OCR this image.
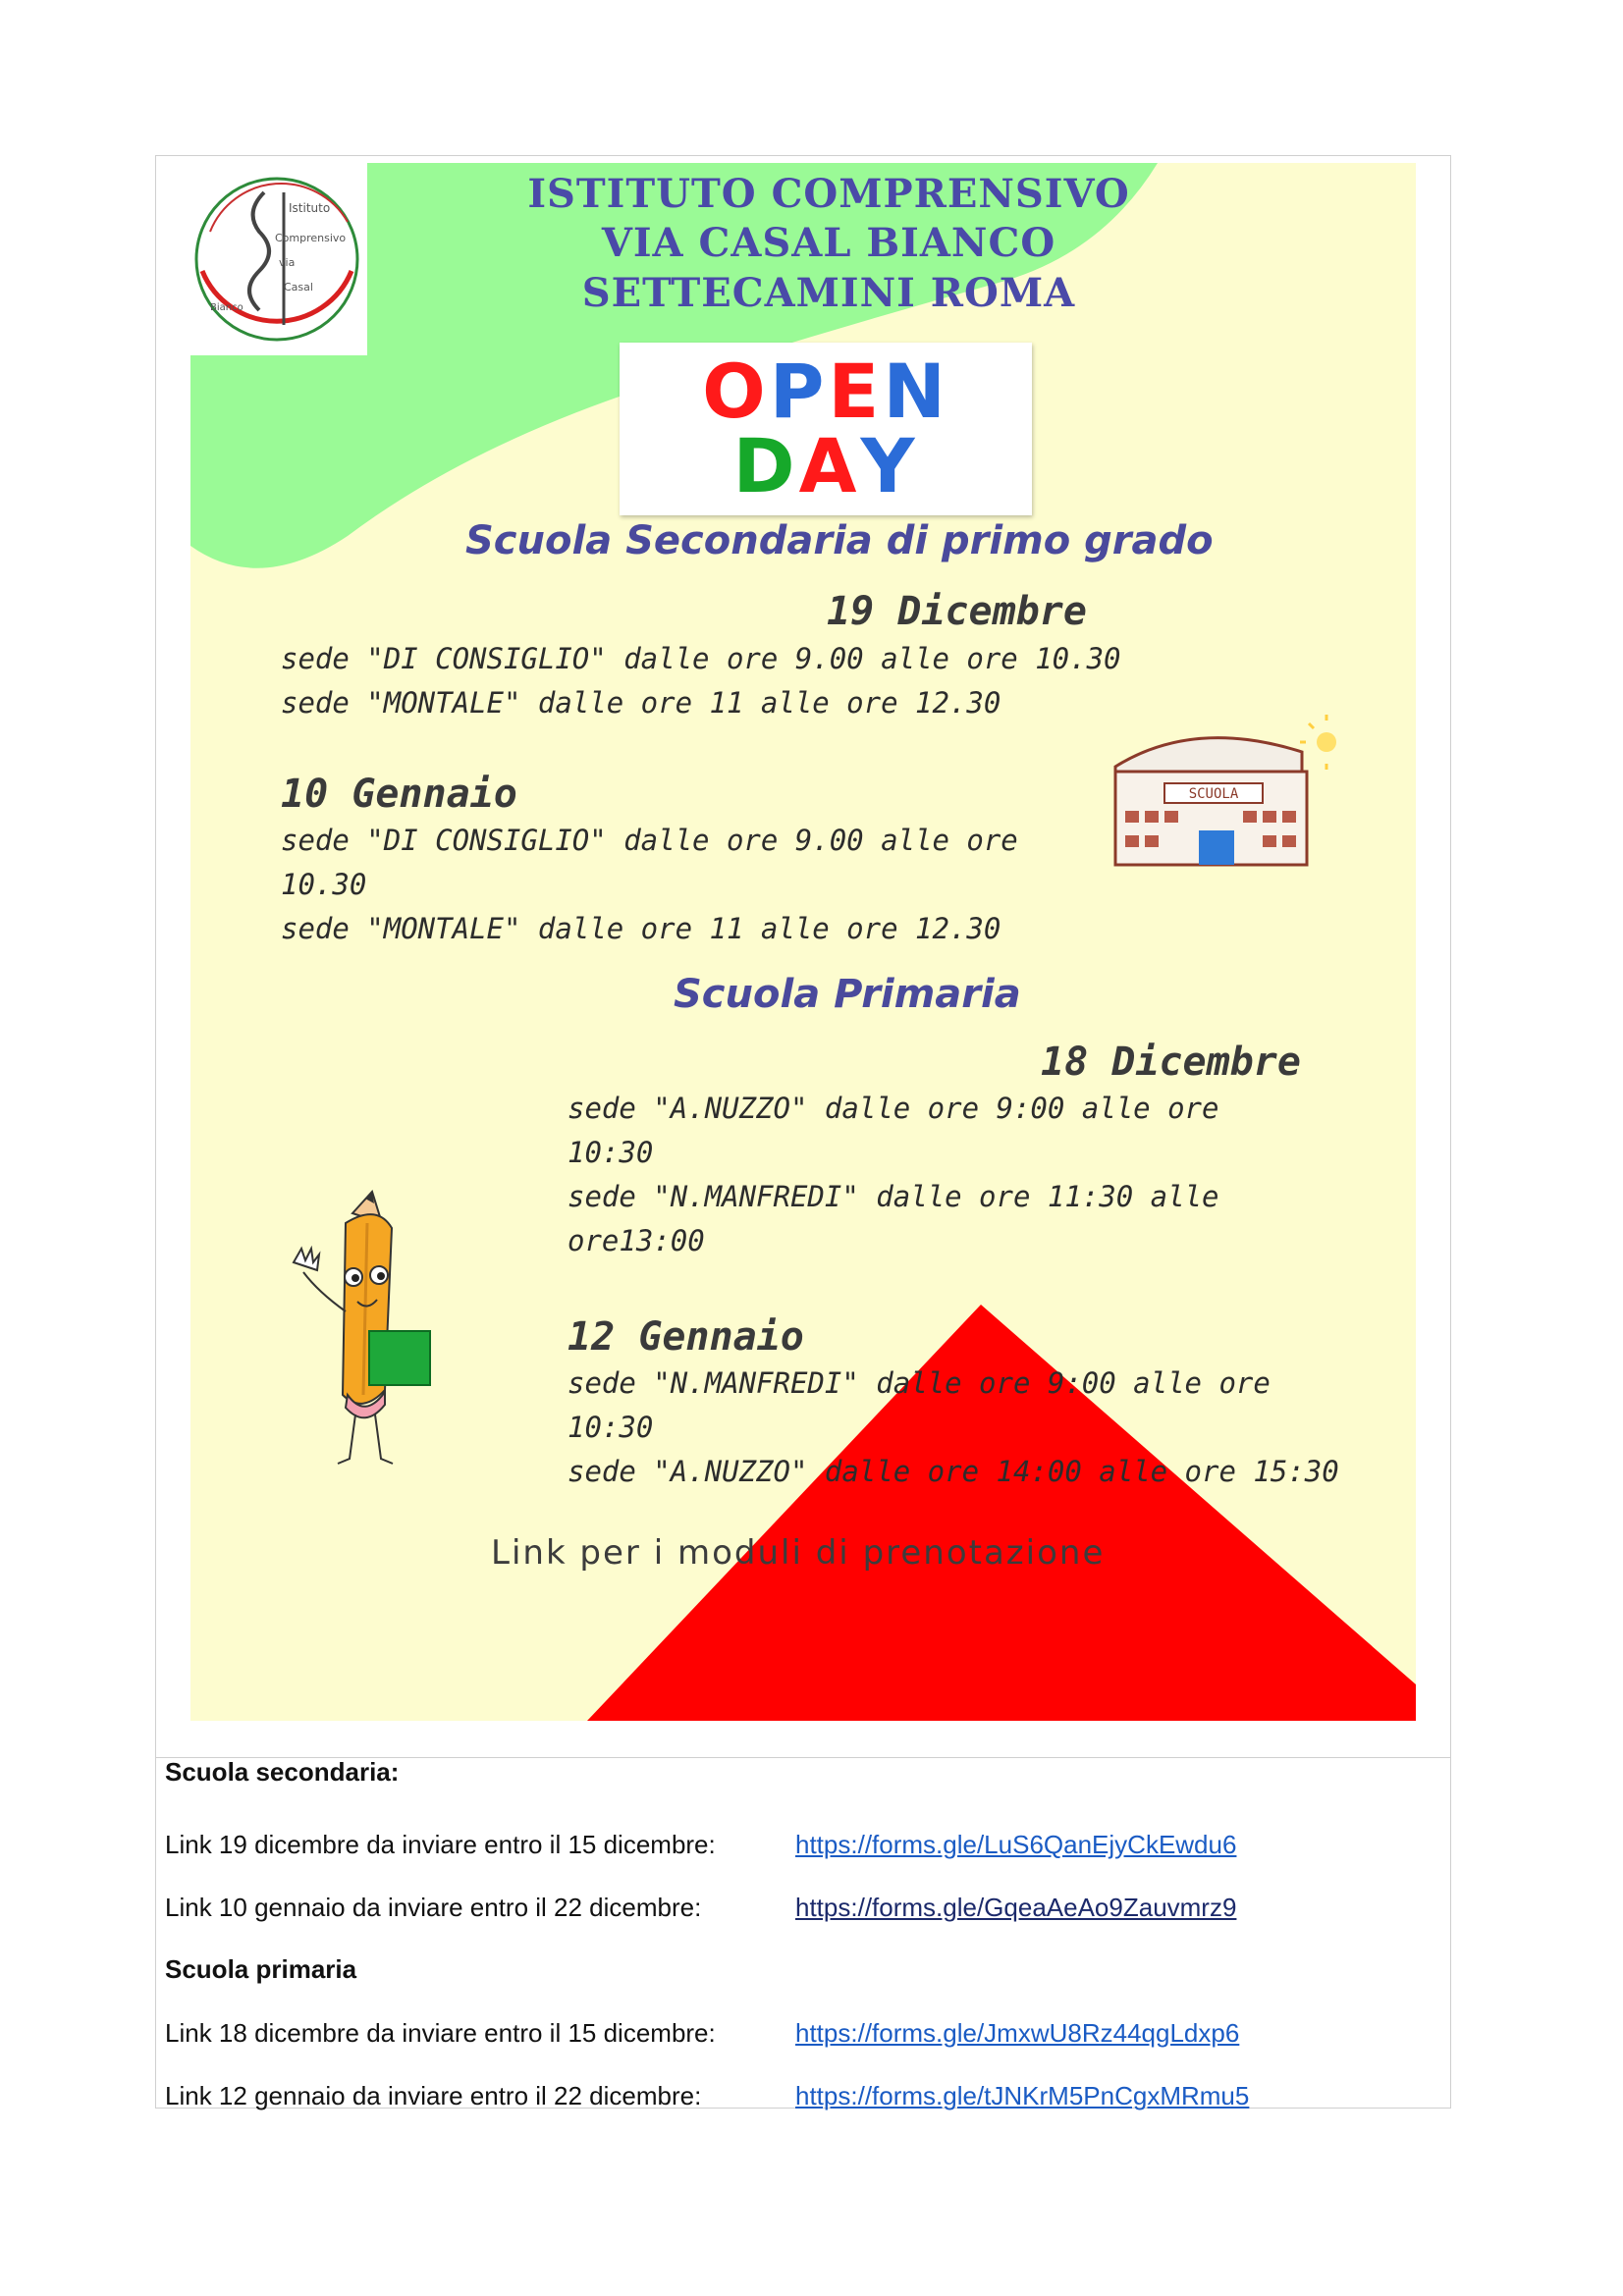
Istituto
Comprensivo
via
Casal
Bianco
ISTITUTO COMPRENSIVO
VIA CASAL BIANCO
SETTECAMINI ROMA
OPEN
DAY
Scuola Secondaria di primo grado
19 Dicembre
sede "DI CONSIGLIO" dalle ore 9.00 alle ore 10.30
sede "MONTALE" dalle ore 11 alle ore 12.30
10 Gennaio
sede "DI CONSIGLIO" dalle ore 9.00 alle ore
10.30
sede "MONTALE" dalle ore 11 alle ore 12.30
SCUOLA
Scuola Primaria
18 Dicembre
sede "A.NUZZO" dalle ore 9:00 alle ore
10:30
sede "N.MANFREDI" dalle ore 11:30 alle
ore13:00
12 Gennaio
sede "N.MANFREDI" dalle ore 9:00 alle ore
10:30
sede "A.NUZZO" dalle ore 14:00 alle ore 15:30
Link per i moduli di prenotazione
Scuola secondaria:
Link 19 dicembre da inviare entro il 15 dicembre:	https://forms.gle/LuS6QanEjyCkEwdu6
Link 10 gennaio da inviare entro il 22 dicembre:	https://forms.gle/GqeaAeAo9Zauvmrz9
Scuola primaria
Link 18 dicembre da inviare entro il 15 dicembre:	https://forms.gle/JmxwU8Rz44qgLdxp6
Link 12 gennaio da inviare entro il 22 dicembre:	https://forms.gle/tJNKrM5PnCgxMRmu5
